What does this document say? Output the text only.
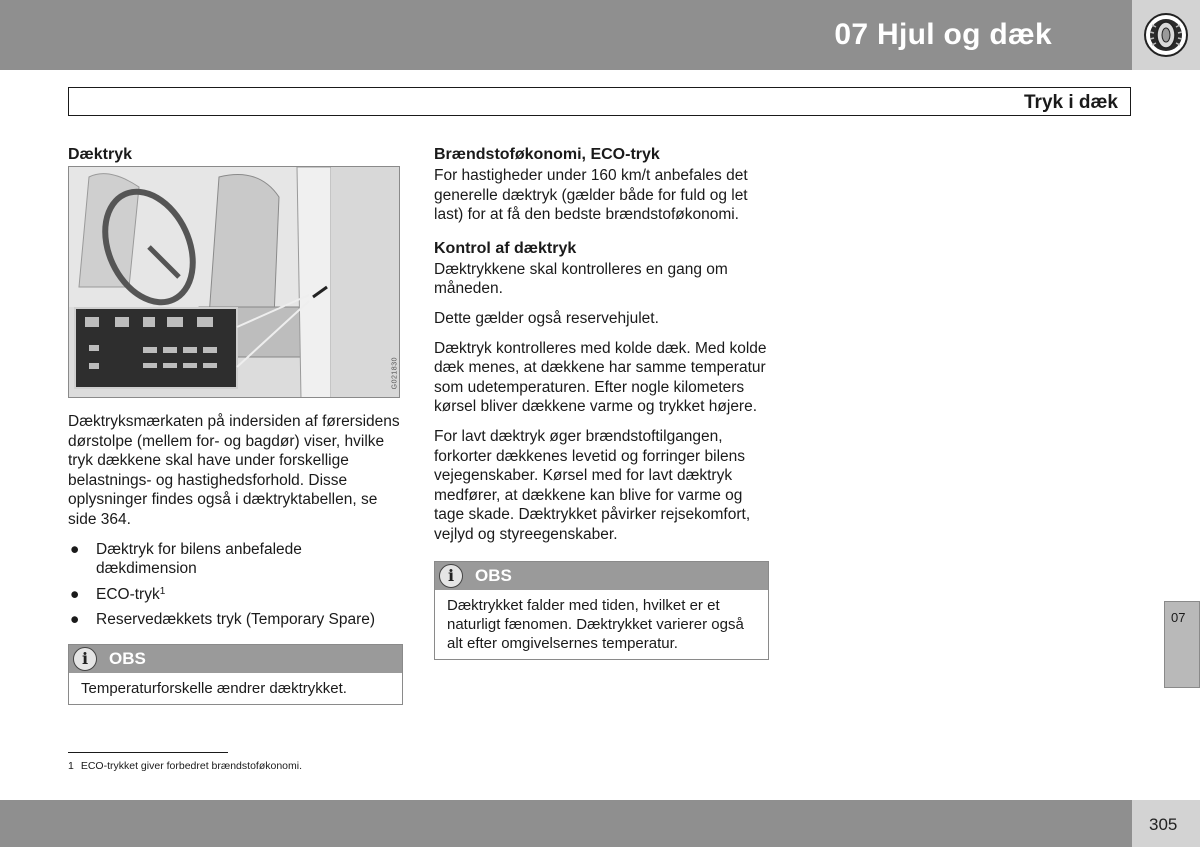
07 Hjul og dæk
Tryk i dæk
Dæktryk
G021830

Dæktryksmærkaten på indersiden af førersidens dørstolpe (mellem for- og bagdør) viser, hvilke tryk dækkene skal have under forskellige belastnings- og hastighedsforhold. Disse oplysninger findes også i dæktryktabellen, se side 364.

● Dæktryk for bilens anbefalede dækdimension
● ECO-tryk$^1$
● Reservedækkets tryk (Temporary Spare)
i	OBS
Temperaturforskelle ændrer dæktrykket.
Brændstoføkonomi, ECO-tryk

For hastigheder under 160 km/t anbefales det generelle dæktryk (gælder både for fuld og let last) for at få den bedste brændstoføkonomi.

Kontrol af dæktryk

Dæktrykkene skal kontrolleres en gang om måneden.

Dette gælder også reservehjulet.

Dæktryk kontrolleres med kolde dæk. Med kolde dæk menes, at dækkene har samme temperatur som udetemperaturen. Efter nogle kilometers kørsel bliver dækkene varme og trykket højere.

For lavt dæktryk øger brændstoftilgangen, forkorter dækkenes levetid og forringer bilens vejegenskaber. Kørsel med for lavt dæktryk medfører, at dækkene kan blive for varme og tage skade. Dæktrykket påvirker rejsekomfort, vejlyd og styreegenskaber.

i	OBS
Dæktrykket falder med tiden, hvilket er et naturligt fænomen. Dæktrykket varierer også alt efter omgivelsernes temperatur.
07
1 ECO-trykket giver forbedret brændstoføkonomi.
305
